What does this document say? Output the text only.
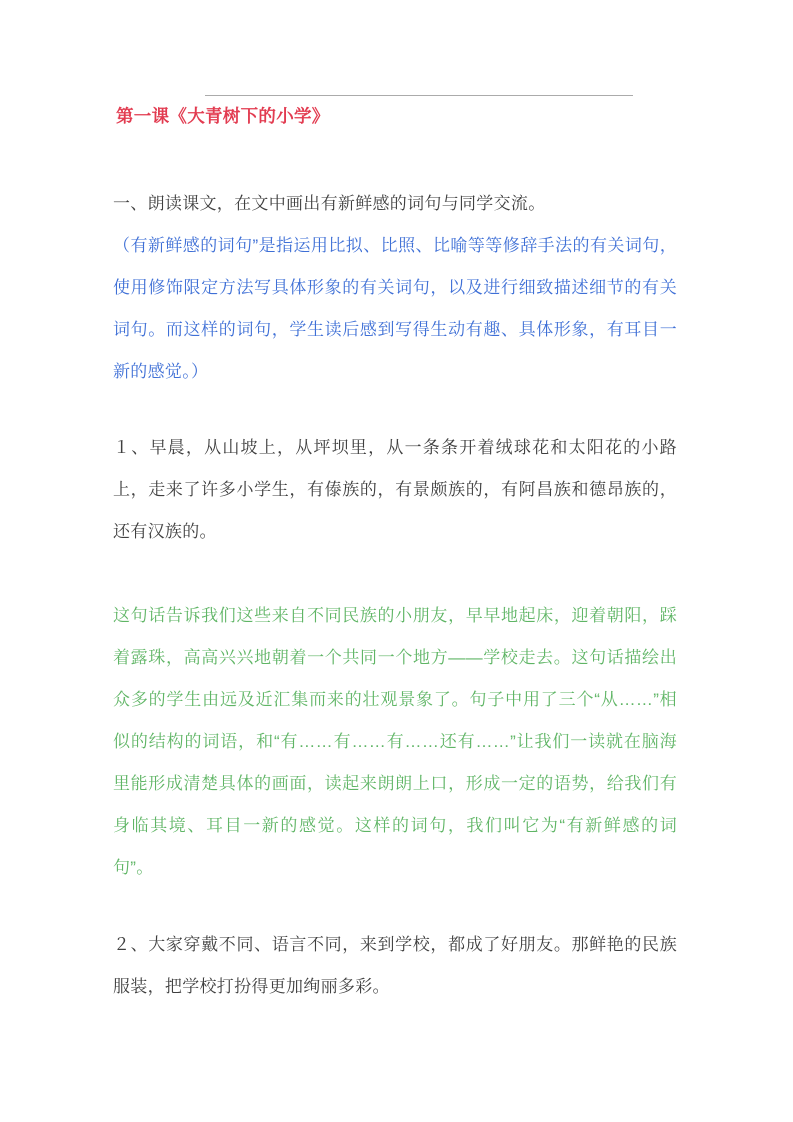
第一课《大青树下的小学》
一、朗读课文，在文中画出有新鲜感的词句与同学交流。
（有新鲜感的词句”是指运用比拟、比照、比喻等等修辞手法的有关词句，使用修饰限定方法写具体形象的有关词句，以及进行细致描述细节的有关词句。而这样的词句，学生读后感到写得生动有趣、具体形象，有耳目一新的感觉。）
１、早晨，从山坡上，从坪坝里，从一条条开着绒球花和太阳花的小路上，走来了许多小学生，有傣族的，有景颇族的，有阿昌族和德昂族的，还有汉族的。
这句话告诉我们这些来自不同民族的小朋友，早早地起床，迎着朝阳，踩着露珠，高高兴兴地朝着一个共同一个地方——学校走去。这句话描绘出众多的学生由远及近汇集而来的壮观景象了。句子中用了三个“从……”相似的结构的词语，和“有……有……有……还有……”让我们一读就在脑海里能形成清楚具体的画面，读起来朗朗上口，形成一定的语势，给我们有身临其境、耳目一新的感觉。这样的词句，我们叫它为“有新鲜感的词句”。
２、大家穿戴不同、语言不同，来到学校，都成了好朋友。那鲜艳的民族服装，把学校打扮得更加绚丽多彩。
